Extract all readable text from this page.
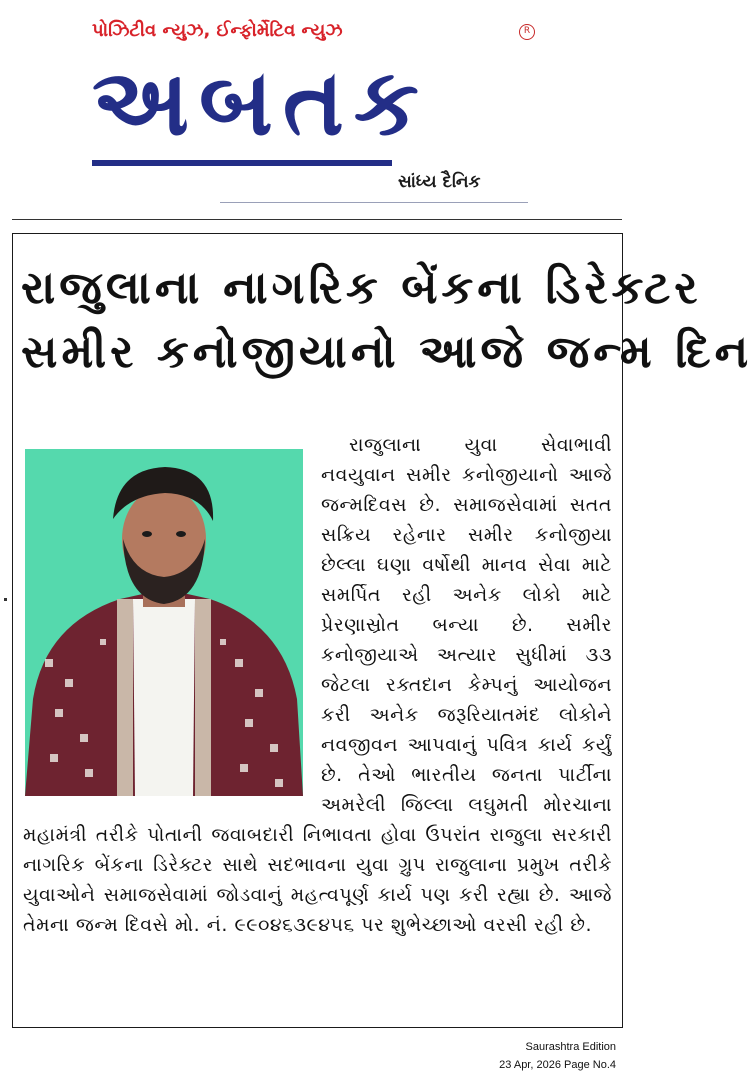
પોઝિટીવ ન્યુઝ, ઈન્ફોર્મેટિવ ન્યુઝ	R
અબતક
સાંધ્ય દૈનિક
રાજુલાના નાગરિક બેંકના ડિરેક્ટર
સમીર કનોજીયાનો આજે જન્મ દિન
રાજુલાના યુવા સેવાભાવી નવયુવાન સમીર કનોજીયાનો આજે જન્મદિવસ છે. સમાજસેવામાં સતત સક્રિય રહેનાર સમીર કનોજીયા છેલ્લા ઘણા વર્ષોથી માનવ સેવા માટે સમર્પિત રહી અનેક લોકો માટે પ્રેરણાસ્રોત બન્યા છે. સમીર કનોજીયાએ અત્યાર સુધીમાં ૩૩ જેટલા રક્તદાન કેમ્પનું આયોજન કરી અનેક જરૂરિયાતમંદ લોકોને નવજીવન આપવાનું પવિત્ર કાર્ય કર્યું છે. તેઓ ભારતીય જનતા પાર્ટીના અમરેલી જિલ્લા લઘુમતી મોરચાના મહામંત્રી તરીકે પોતાની જવાબદારી નિભાવતા હોવા ઉપરાંત રાજુલા સરકારી નાગરિક બેંકના ડિરેક્ટર સાથે સદભાવના યુવા ગ્રુપ રાજુલાના પ્રમુખ તરીકે યુવાઓને સમાજસેવામાં જોડવાનું મહત્વપૂર્ણ કાર્ય પણ કરી રહ્યા છે. આજે તેમના જન્મ દિવસે મો. નં. ૯૯૦૪૬૩૯૪૫૬ પર શુભેચ્છાઓ વરસી રહી છે.
Saurashtra Edition
23 Apr, 2026 Page No.4
